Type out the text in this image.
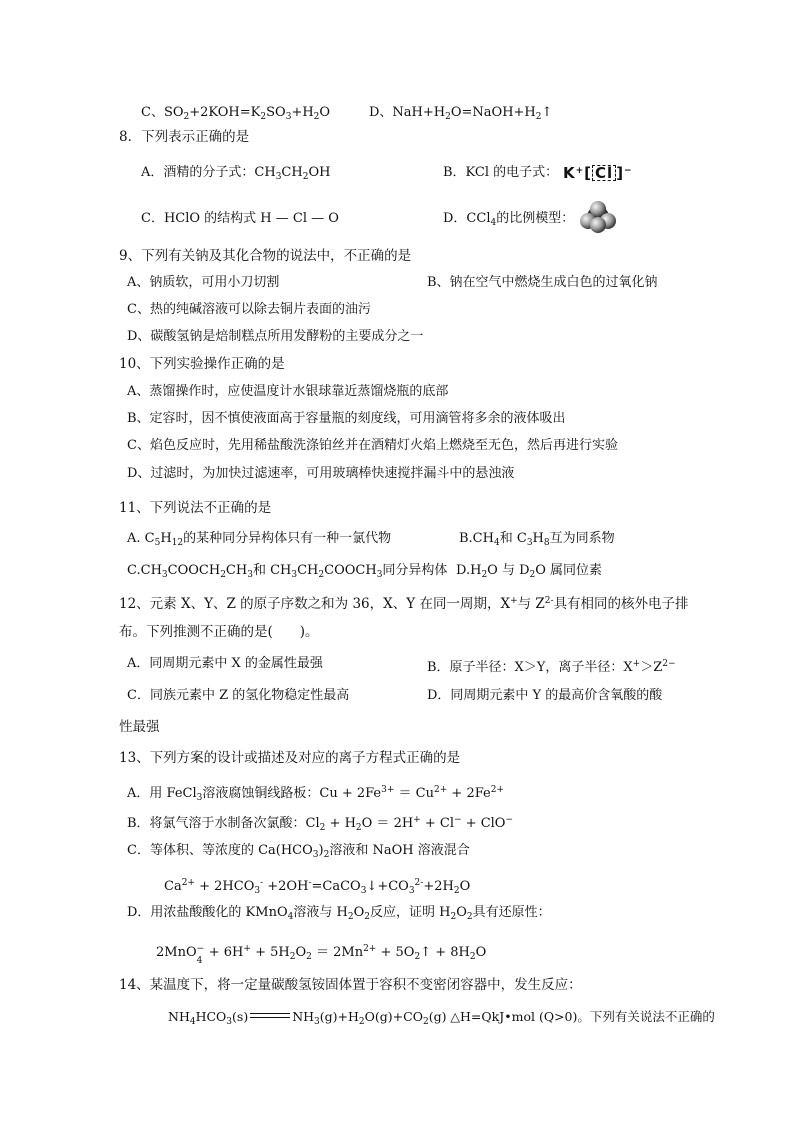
C、$SO_2+2KOH=K_2SO_3+H_2O$	D、$NaH+H_2O=NaOH+H_2↑$
8．下列表示正确的是
A．酒精的分子式：$CH_3CH_2OH$	B．KCl 的电子式： K+[ Cl ]−
C．HClO 的结构式 H — Cl — O	D．CCl$_4$的比例模型：
9、下列有关钠及其化合物的说法中，不正确的是
A、钠质软，可用小刀切割	B、钠在空气中燃烧生成白色的过氧化钠
C、热的纯碱溶液可以除去铜片表面的油污
D、碳酸氢钠是焙制糕点所用发酵粉的主要成分之一
10、下列实验操作正确的是
A、蒸馏操作时，应使温度计水银球靠近蒸馏烧瓶的底部
B、定容时，因不慎使液面高于容量瓶的刻度线，可用滴管将多余的液体吸出
C、焰色反应时，先用稀盐酸洗涤铂丝并在酒精灯火焰上燃烧至无色，然后再进行实验
D、过滤时，为加快过滤速率，可用玻璃棒快速搅拌漏斗中的悬浊液
11、下列说法不正确的是
A. $C_5H_{12}$的某种同分异构体只有一种一氯代物	$B.CH_4$和 $C_3H_8$互为同系物
$C.CH_3COOCH_2CH_3$和 $CH_3CH_2COOCH_3$同分异构体 $D.H_2O$ 与 $D_2O$ 属同位素
12、元素 X、Y、Z 的原子序数之和为 36，X、Y 在同一周期，X+与 $Z^{2-}$具有相同的核外电子排
布。下列推测不正确的是(　　)。
A．同周期元素中 X 的金属性最强	B．原子半径：X＞Y，离子半径：$X^+>Z^{2-}$
C．同族元素中 Z 的氢化物稳定性最高	D．同周期元素中 Y 的最高价含氧酸的酸
性最强
13、下列方案的设计或描述及对应的离子方程式正确的是
A．用 FeCl$_3$溶液腐蚀铜线路板：$Cu + 2Fe^{3+} = Cu^{2+} + 2Fe^{2+}$
B．将氯气溶于水制备次氯酸：$Cl_2 + H_2O = 2H^+ + Cl^- + ClO^-$
C．等体积、等浓度的 $Ca(HCO_3)_2$溶液和 NaOH 溶液混合
$Ca^{2+} + 2HCO_3^-$ $+2OH^-=CaCO_3↓+CO_3^{2-}+2H_2O$
D．用浓盐酸酸化的 KMnO$_4$溶液与 $H_2O_2$反应，证明 $H_2O_2$具有还原性：
2MnO −
4
+ $6H^+ + 5H_2O_2 = 2Mn^{2+}$ + $5O_2↑ + 8H_2O$
14、某温度下，将一定量碳酸氢铵固体置于容积不变密闭容器中，发生反应：
$NH_4HCO_3(s)$	$NH_3(g)+H_2O(g)+CO_2(g)$ △H=QkJ•mol (Q>0)。下列有关说法不正确的
